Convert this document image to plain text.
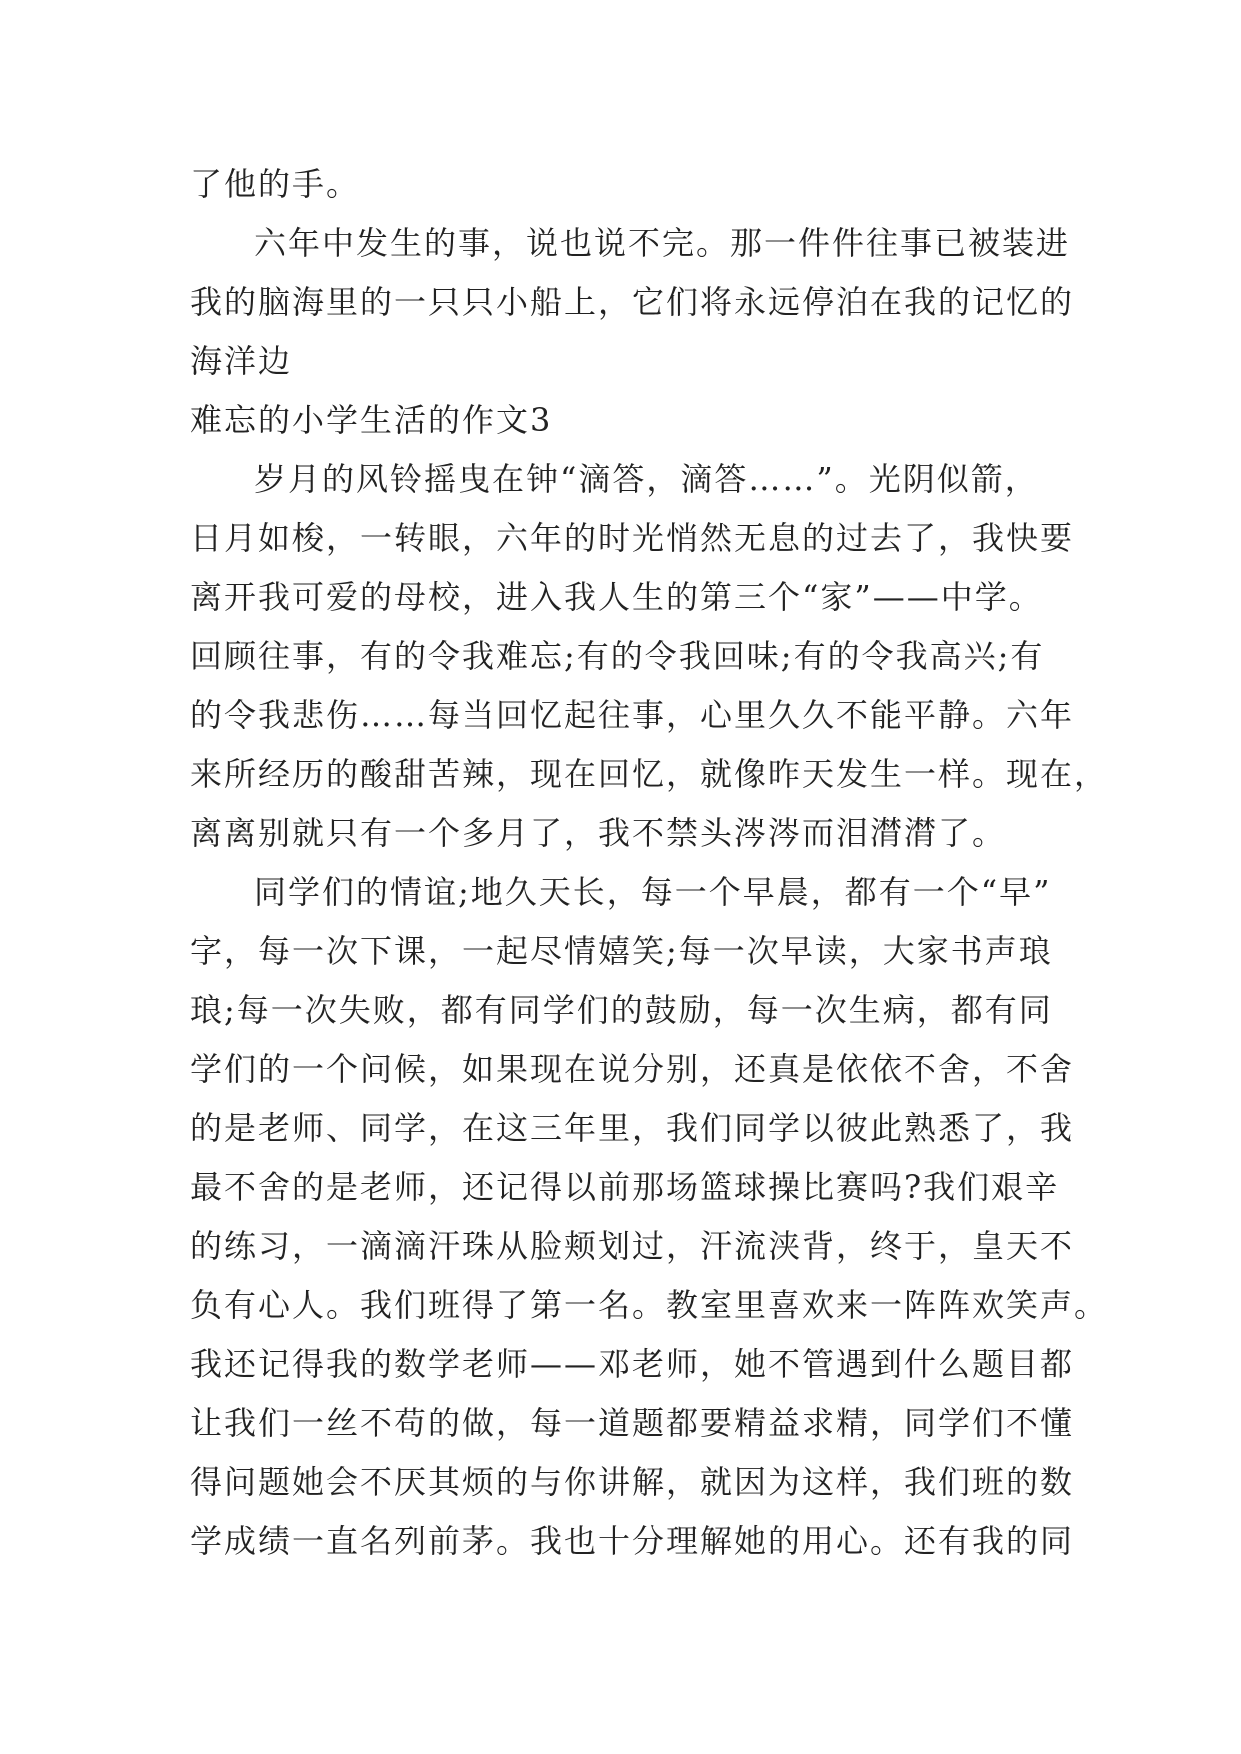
了他的手。
六年中发生的事，说也说不完。那一件件往事已被装进
我的脑海里的一只只小船上，它们将永远停泊在我的记忆的
海洋边
难忘的小学生活的作文3
岁月的风铃摇曳在钟“滴答，滴答……”。光阴似箭，
日月如梭，一转眼，六年的时光悄然无息的过去了，我快要
离开我可爱的母校，进入我人生的第三个“家”——中学。
回顾往事，有的令我难忘;有的令我回味;有的令我高兴;有
的令我悲伤……每当回忆起往事，心里久久不能平静。六年
来所经历的酸甜苦辣，现在回忆，就像昨天发生一样。现在，
离离别就只有一个多月了，我不禁头涔涔而泪潸潸了。
同学们的情谊;地久天长，每一个早晨，都有一个“早”
字，每一次下课，一起尽情嬉笑;每一次早读，大家书声琅
琅;每一次失败，都有同学们的鼓励，每一次生病，都有同
学们的一个问候，如果现在说分别，还真是依依不舍，不舍
的是老师、同学，在这三年里，我们同学以彼此熟悉了，我
最不舍的是老师，还记得以前那场篮球操比赛吗?我们艰辛
的练习，一滴滴汗珠从脸颊划过，汗流浃背，终于，皇天不
负有心人。我们班得了第一名。教室里喜欢来一阵阵欢笑声。
我还记得我的数学老师——邓老师，她不管遇到什么题目都
让我们一丝不苟的做，每一道题都要精益求精，同学们不懂
得问题她会不厌其烦的与你讲解，就因为这样，我们班的数
学成绩一直名列前茅。我也十分理解她的用心。还有我的同
